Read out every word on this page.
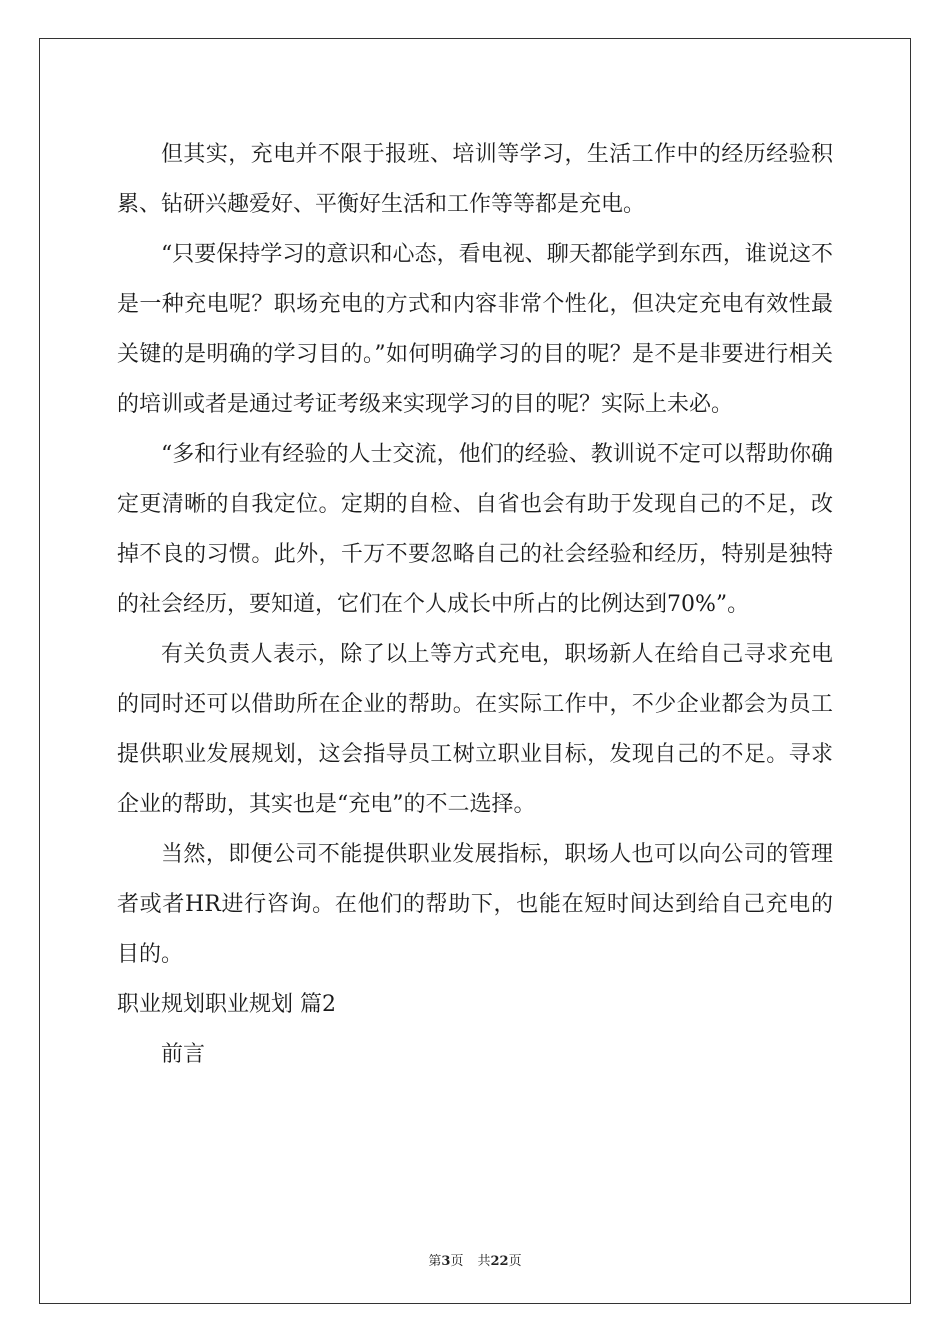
但其实，充电并不限于报班、培训等学习，生活工作中的经历经验积累、钻研兴趣爱好、平衡好生活和工作等等都是充电。

“只要保持学习的意识和心态，看电视、聊天都能学到东西，谁说这不是一种充电呢？职场充电的方式和内容非常个性化，但决定充电有效性最关键的是明确的学习目的。”如何明确学习的目的呢？是不是非要进行相关的培训或者是通过考证考级来实现学习的目的呢？实际上未必。

“多和行业有经验的人士交流，他们的经验、教训说不定可以帮助你确定更清晰的自我定位。定期的自检、自省也会有助于发现自己的不足，改掉不良的习惯。此外，千万不要忽略自己的社会经验和经历，特别是独特的社会经历，要知道，它们在个人成长中所占的比例达到70%”。

有关负责人表示，除了以上等方式充电，职场新人在给自己寻求充电的同时还可以借助所在企业的帮助。在实际工作中，不少企业都会为员工提供职业发展规划，这会指导员工树立职业目标，发现自己的不足。寻求企业的帮助，其实也是“充电”的不二选择。

当然，即便公司不能提供职业发展指标，职场人也可以向公司的管理者或者HR进行咨询。在他们的帮助下，也能在短时间达到给自己充电的目的。

职业规划职业规划 篇2

前言

第3页 共22页
